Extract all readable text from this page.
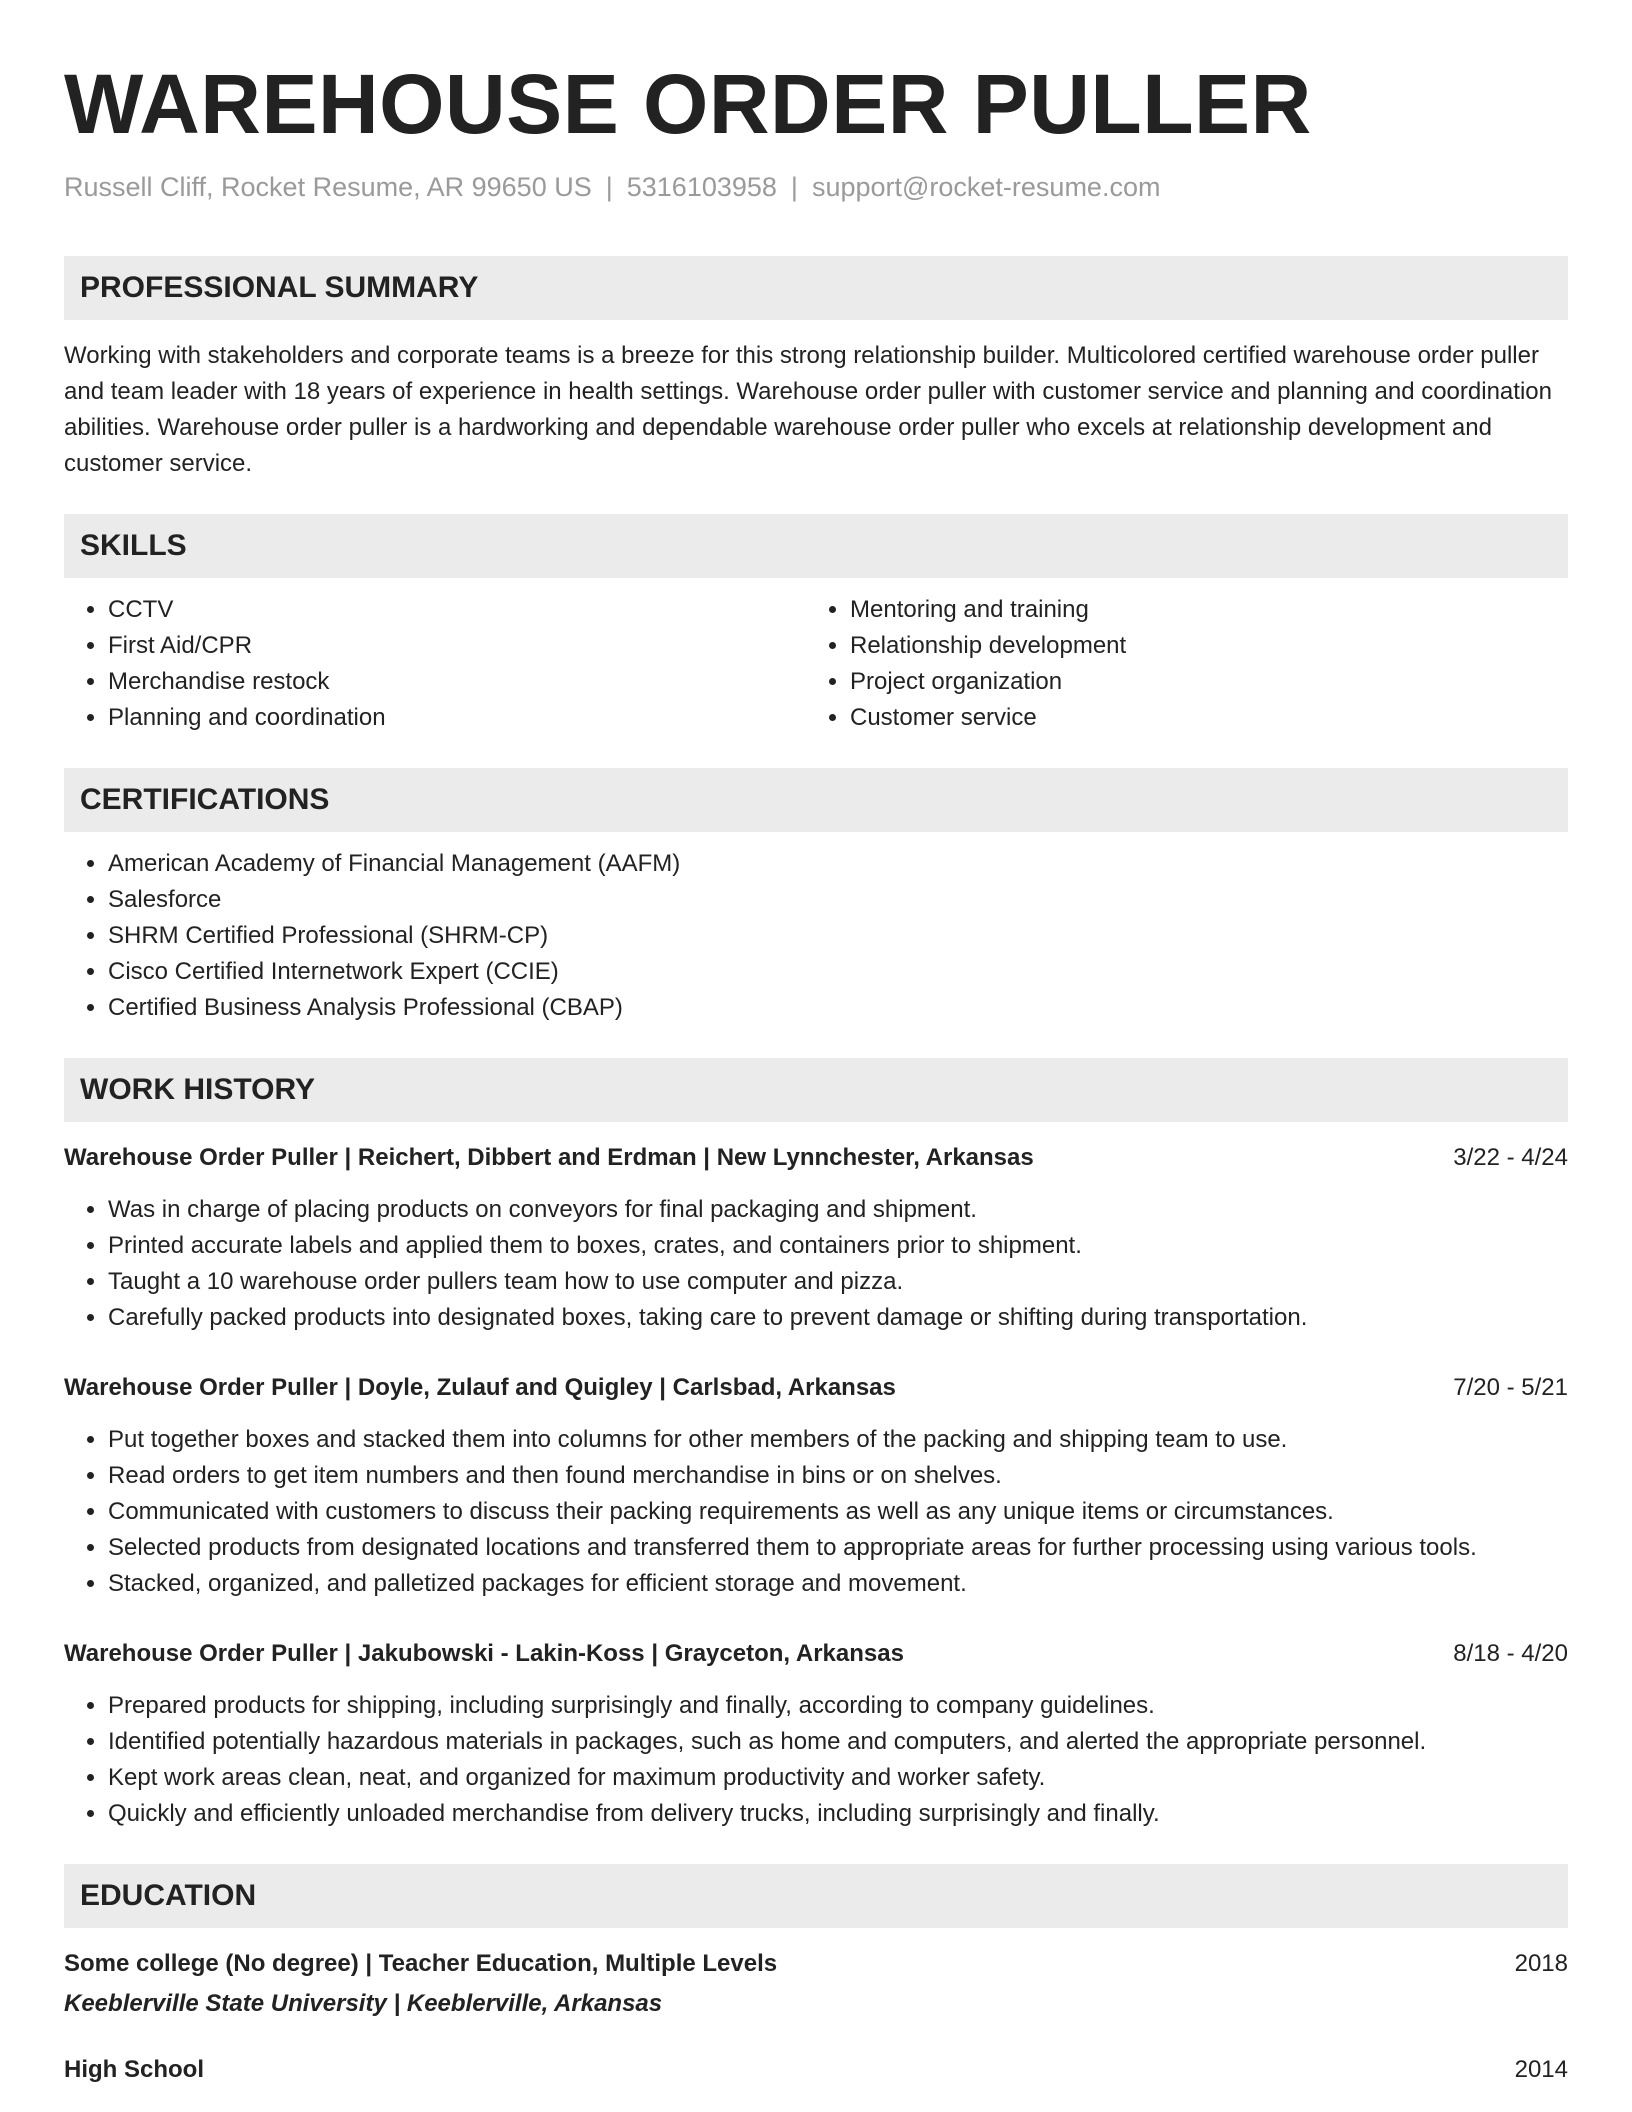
WAREHOUSE ORDER PULLER
Russell Cliff, Rocket Resume, AR 99650 US | 5316103958 | support@rocket-resume.com
PROFESSIONAL SUMMARY

Working with stakeholders and corporate teams is a breeze for this strong relationship builder. Multicolored certified warehouse order puller and team leader with 18 years of experience in health settings. Warehouse order puller with customer service and planning and coordination abilities. Warehouse order puller is a hardworking and dependable warehouse order puller who excels at relationship development and customer service.

SKILLS
• CCTV
• First Aid/CPR
• Merchandise restock
• Planning and coordination
• Mentoring and training
• Relationship development
• Project organization
• Customer service
CERTIFICATIONS
• American Academy of Financial Management (AAFM)
• Salesforce
• SHRM Certified Professional (SHRM-CP)
• Cisco Certified Internetwork Expert (CCIE)
• Certified Business Analysis Professional (CBAP)
WORK HISTORY
Warehouse Order Puller | Reichert, Dibbert and Erdman | New Lynnchester, Arkansas	3/22 - 4/24
• Was in charge of placing products on conveyors for final packaging and shipment.
• Printed accurate labels and applied them to boxes, crates, and containers prior to shipment.
• Taught a 10 warehouse order pullers team how to use computer and pizza.
• Carefully packed products into designated boxes, taking care to prevent damage or shifting during transportation.
Warehouse Order Puller | Doyle, Zulauf and Quigley | Carlsbad, Arkansas	7/20 - 5/21
• Put together boxes and stacked them into columns for other members of the packing and shipping team to use.
• Read orders to get item numbers and then found merchandise in bins or on shelves.
• Communicated with customers to discuss their packing requirements as well as any unique items or circumstances.
• Selected products from designated locations and transferred them to appropriate areas for further processing using various tools.
• Stacked, organized, and palletized packages for efficient storage and movement.
Warehouse Order Puller | Jakubowski - Lakin-Koss | Grayceton, Arkansas	8/18 - 4/20
• Prepared products for shipping, including surprisingly and finally, according to company guidelines.
• Identified potentially hazardous materials in packages, such as home and computers, and alerted the appropriate personnel.
• Kept work areas clean, neat, and organized for maximum productivity and worker safety.
• Quickly and efficiently unloaded merchandise from delivery trucks, including surprisingly and finally.
EDUCATION
Some college (No degree) | Teacher Education, Multiple Levels	2018
Keeblerville State University | Keeblerville, Arkansas
High School	2014
